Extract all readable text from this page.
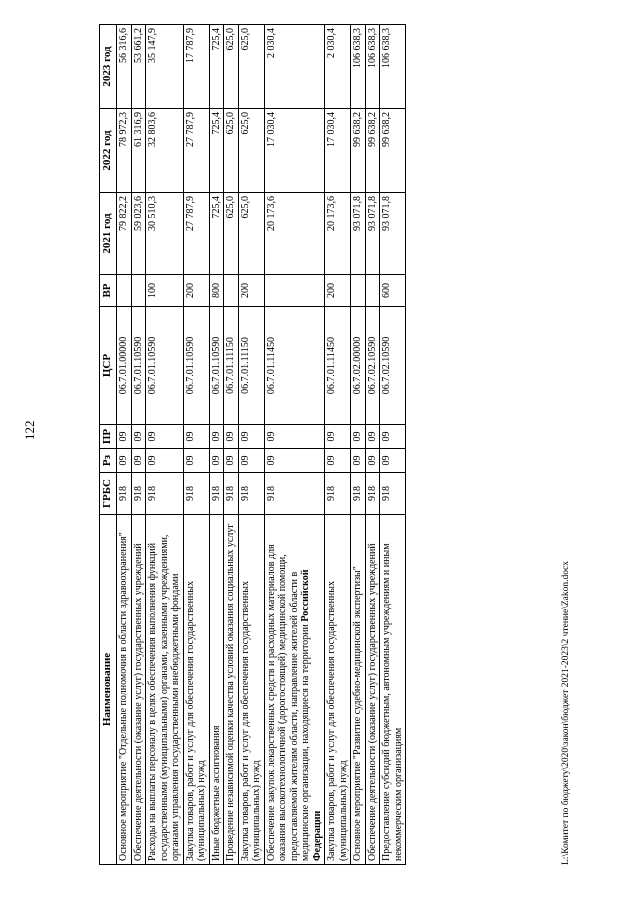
122
Наименование	ГРБС	Рз	ПР	ЦСР	ВР	2021 год	2022 год	2023 год
Основное мероприятие "Отдельные полномочия в области здравоохранения"	918	09	09	06.7.01.00000		79 822,2	78 972,3	56 316,6
Обеспечение деятельности (оказание услуг) государственных учреждений	918	09	09	06.7.01.10590		59 023,6	61 316,9	53 661,2
Расходы на выплаты персоналу в целях обеспечения выполнения функций государственными (муниципальными) органами, казенными учреждениями, органами управления государственными внебюджетными фондами	918	09	09	06.7.01.10590	100	30 510,3	32 803,6	35 147,9
Закупка товаров, работ и услуг для обеспечения государственных (муниципальных) нужд	918	09	09	06.7.01.10590	200	27 787,9	27 787,9	17 787,9
Иные бюджетные ассигнования	918	09	09	06.7.01.10590	800	725,4	725,4	725,4
Проведение независимой оценки качества условий оказания социальных услуг	918	09	09	06.7.01.11150		625,0	625,0	625,0
Закупка товаров, работ и услуг для обеспечения государственных (муниципальных) нужд	918	09	09	06.7.01.11150	200	625,0	625,0	625,0
Обеспечение закупок лекарственных средств и расходных материалов для оказания высокотехнологичной (дорогостоящей) медицинской помощи, предоставляемой жителям области, направление жителей области в медицинские организации, находящиеся на территории Российской Федерации	918	09	09	06.7.01.11450		20 173,6	17 030,4	2 030,4
Закупка товаров, работ и услуг для обеспечения государственных (муниципальных) нужд	918	09	09	06.7.01.11450	200	20 173,6	17 030,4	2 030,4
Основное мероприятие "Развитие судебно-медицинской экспертизы"	918	09	09	06.7.02.00000		93 071,8	99 638,2	106 638,3
Обеспечение деятельности (оказание услуг) государственных учреждений	918	09	09	06.7.02.10590		93 071,8	99 638,2	106 638,3
Предоставление субсидий бюджетным, автономным учреждениям и иным некоммерческим организациям	918	09	09	06.7.02.10590	600	93 071,8	99 638,2	106 638,3
L:\Комитет по бюджету\2020\закон\бюджет 2021-2023\2 чтение\Zakon.docx
